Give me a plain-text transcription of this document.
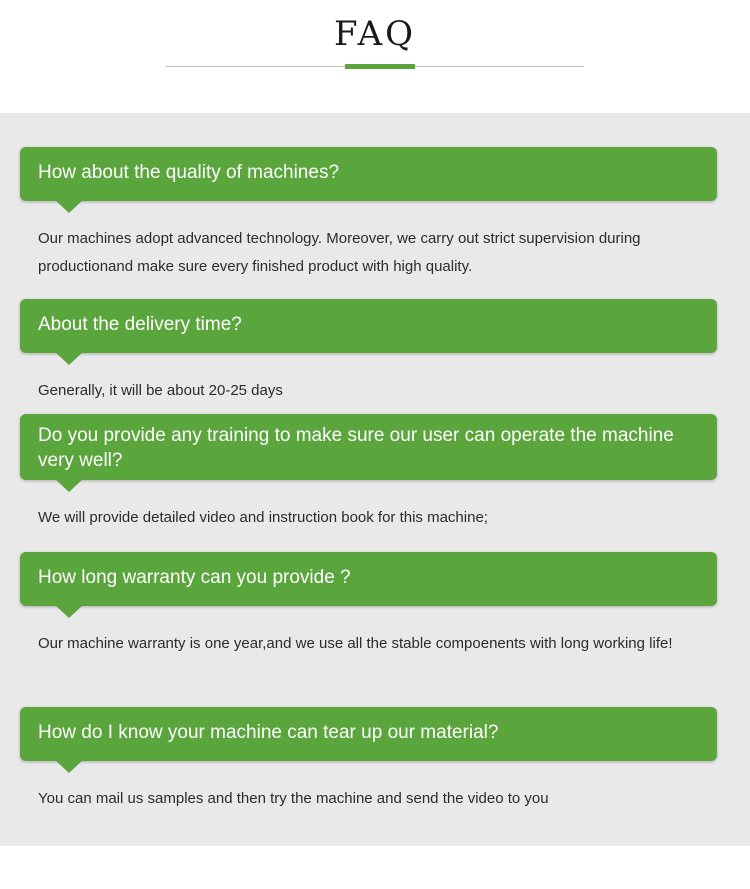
FAQ
How about the quality of machines?
Our machines adopt advanced technology. Moreover, we carry out strict supervision during productionand make sure every finished product with high quality.
About the delivery time?
Generally, it will be about 20-25 days
Do you provide any training to make sure our user can operate the machine very well?
We will provide detailed video and instruction book for this machine;
How long warranty can you provide ?
Our machine warranty is one year,and we use all the stable compoenents with long working life!
How do I know your machine can tear up our material?
You can mail us samples and then try the machine and send the video to you
